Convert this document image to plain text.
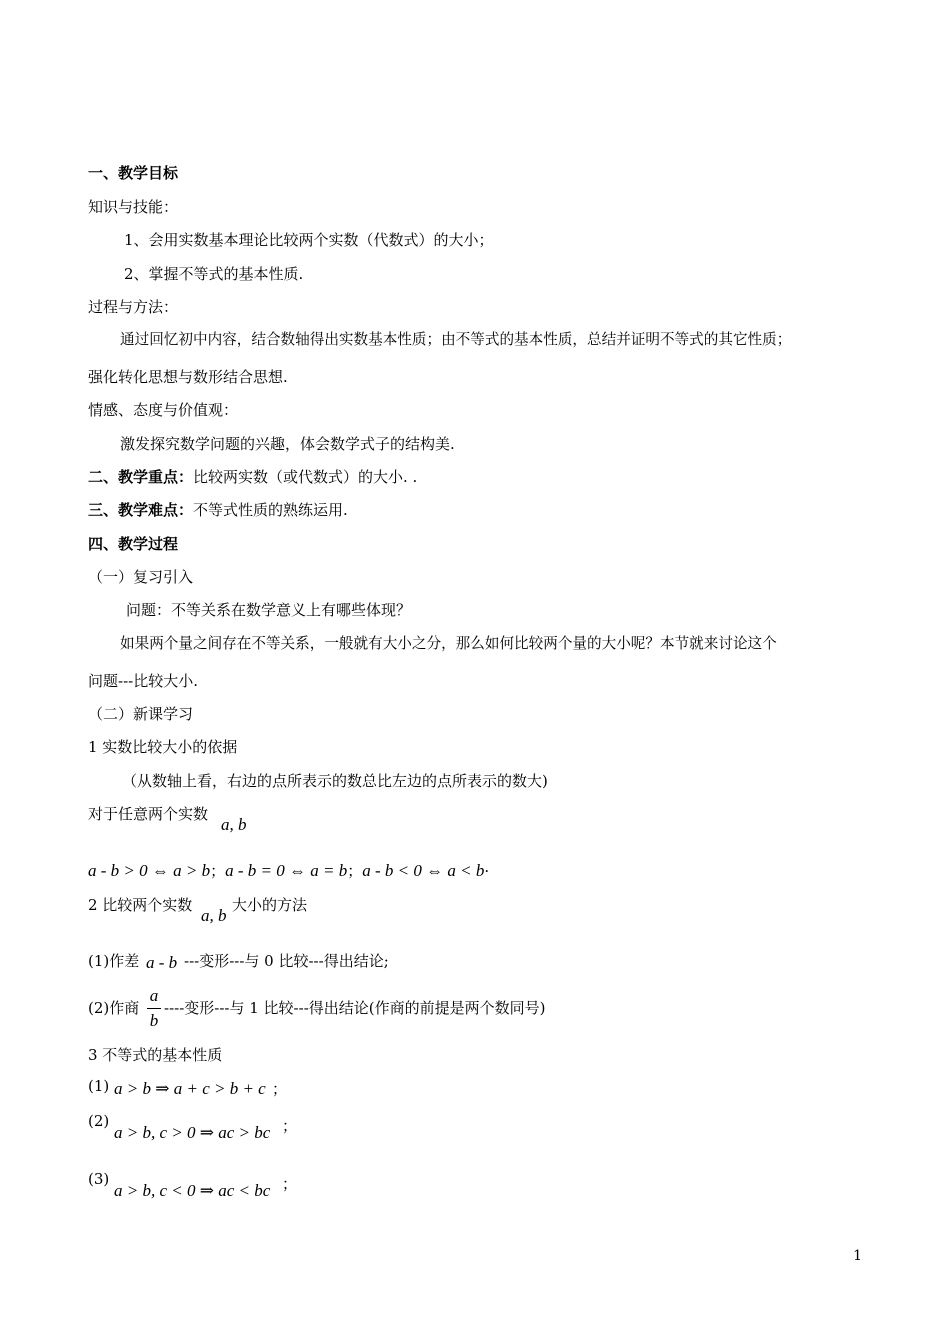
一、教学目标
知识与技能：
1、会用实数基本理论比较两个实数（代数式）的大小；
2、掌握不等式的基本性质.
过程与方法：
通过回忆初中内容，结合数轴得出实数基本性质；由不等式的基本性质，总结并证明不等式的其它性质；
强化转化思想与数形结合思想.
情感、态度与价值观：
激发探究数学问题的兴趣，体会数学式子的结构美.
二、教学重点：比较两实数（或代数式）的大小. .
三、教学难点：不等式性质的熟练运用.
四、教学过程
（一）复习引入
问题：不等关系在数学意义上有哪些体现？
如果两个量之间存在不等关系，一般就有大小之分，那么如何比较两个量的大小呢？本节就来讨论这个
问题---比较大小.
（二）新课学习
1 实数比较大小的依据
（从数轴上看，右边的点所表示的数总比左边的点所表示的数大)
对于任意两个实数
a, b
a - b > 0 ⇔ a > b；a - b = 0 ⇔ a = b；a - b < 0 ⇔ a < b·
2 比较两个实数
a, b
大小的方法
(1)作差 a - b ---变形---与 0 比较---得出结论;
(2)作商
a
b
----变形---与 1 比较---得出结论(作商的前提是两个数同号)
3 不等式的基本性质
(1) a > b ⇒ a + c > b + c ；
(2)
a > b, c > 0 ⇒ ac > bc ；
(3)
a > b, c < 0 ⇒ ac < bc ；
1
